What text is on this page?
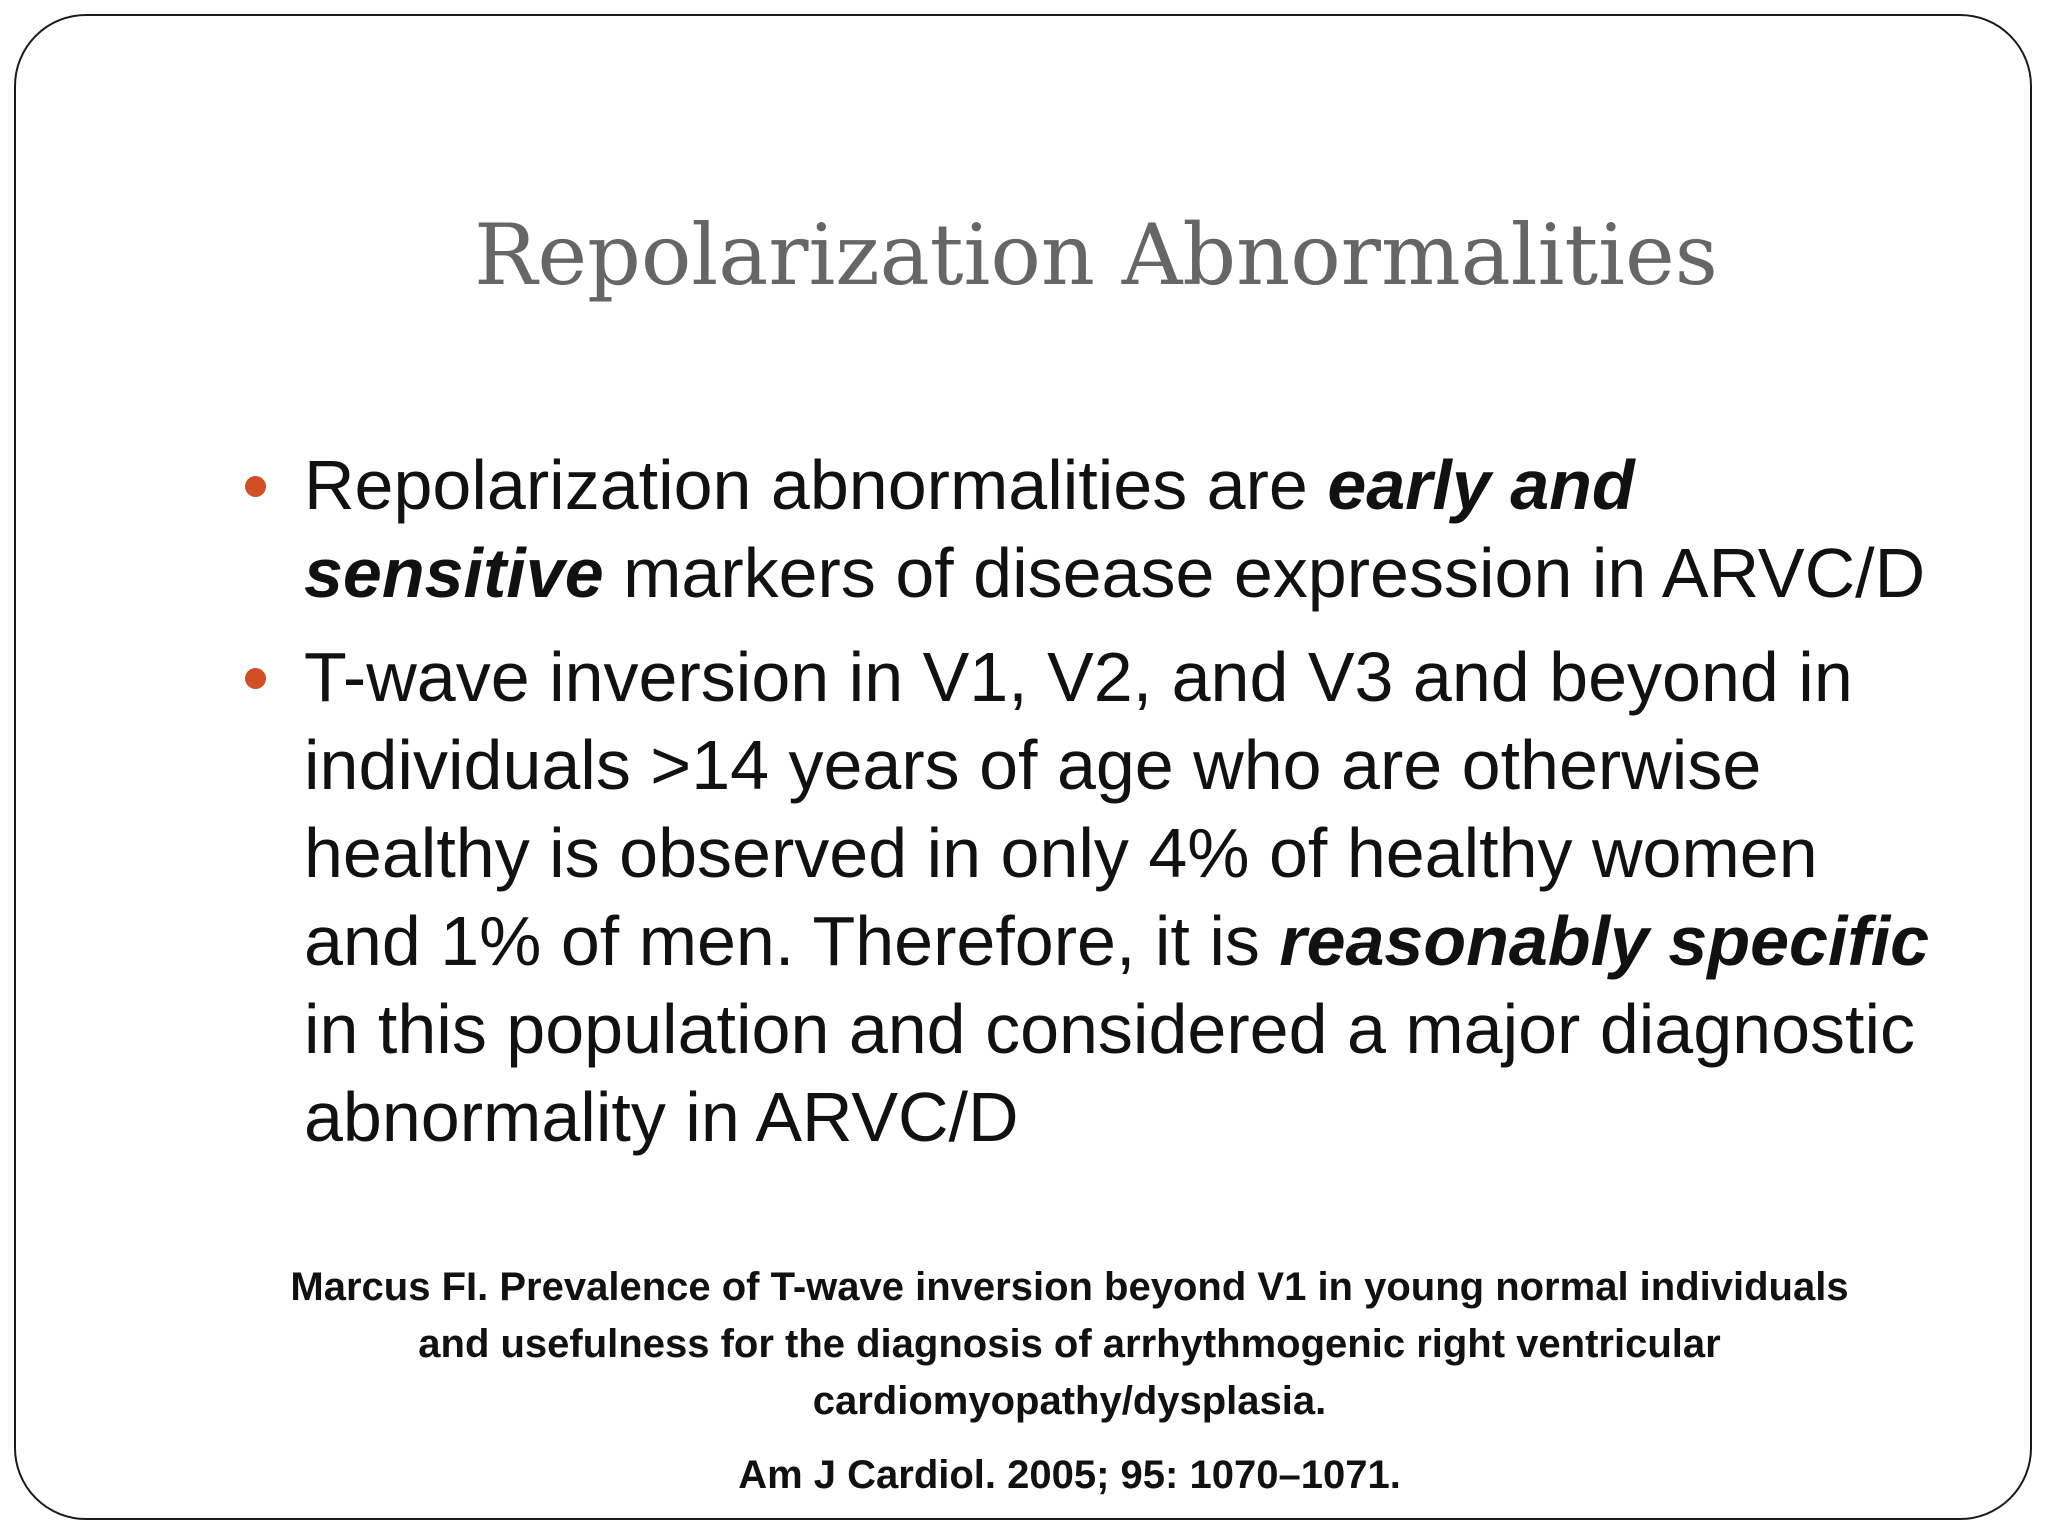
Repolarization Abnormalities
Repolarization abnormalities are early and sensitive markers of disease expression in ARVC/D
T-wave inversion in V1, V2, and V3 and beyond in individuals >14 years of age who are otherwise healthy is observed in only 4% of healthy women and 1% of men. Therefore, it is reasonably specific in this population and considered a major diagnostic abnormality in ARVC/D
Marcus FI. Prevalence of T-wave inversion beyond V1 in young normal individuals
and usefulness for the diagnosis of arrhythmogenic right ventricular
cardiomyopathy/dysplasia.
Am J Cardiol. 2005; 95: 1070–1071.
